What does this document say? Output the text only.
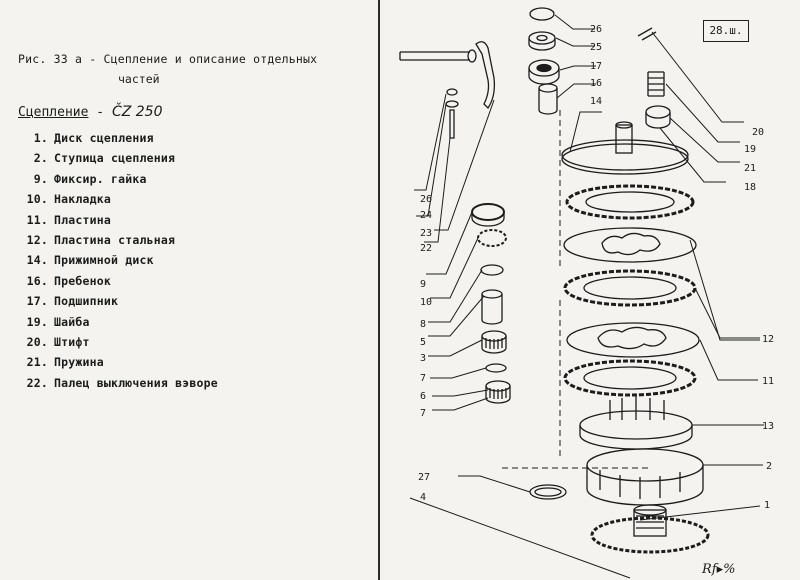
Рис. 33 а - Сцепление и описание отдельных
частей
Сцепление - ČZ 250
1. Диск сцепления
2. Ступица сцепления
9. Фиксир. гайка
10. Накладка
11. Пластина
12. Пластина стальная
14. Прижимной диск
16. Пребенок
17. Подшипник
19. Шайба
20. Штифт
21. Пружина
22. Палец выключения вэворе
28.ш.
26
25
17
16
14
20
19
21
18
26
24
23
22
9
10
8
5
3
7
6
7
12
11
13
2
27
4
1
Rf▸%
